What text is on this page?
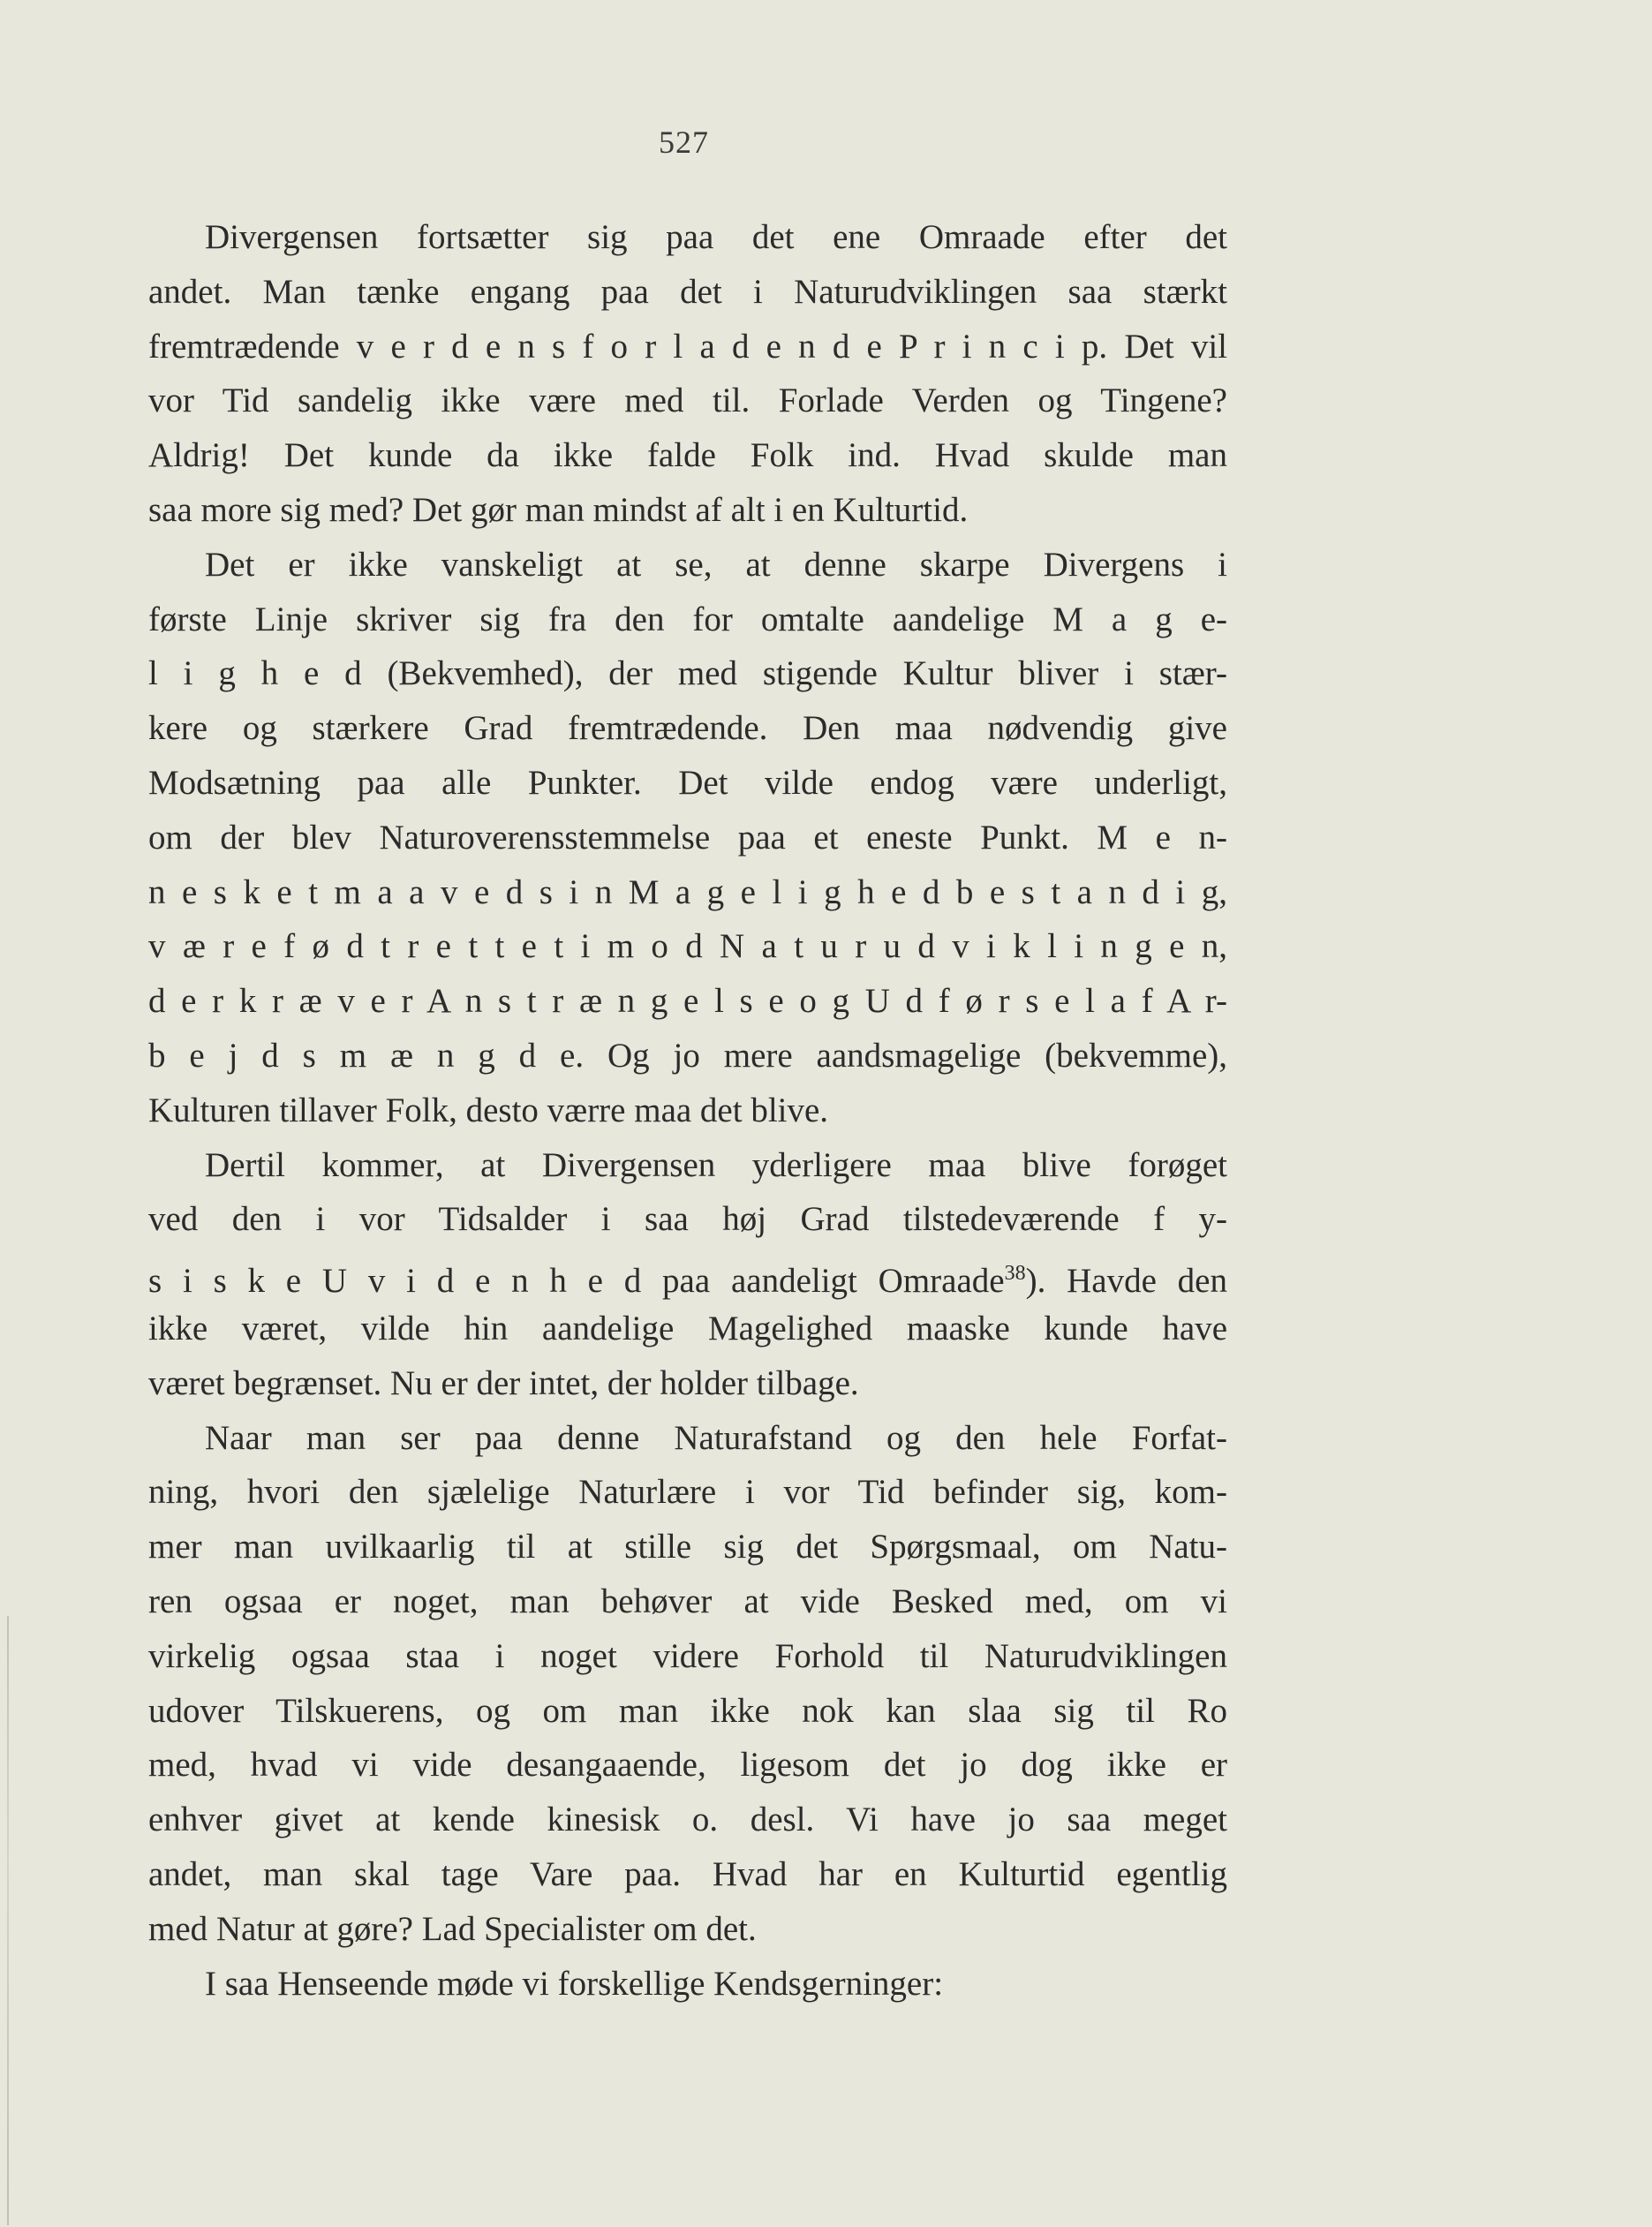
527
Divergensen fortsætter sig paa det ene Omraade efter det
andet. Man tænke engang paa det i Naturudviklingen saa stærkt
fremtrædende v e r d e n s f o r l a d e n d e P r i n c i p. Det vil
vor Tid sandelig ikke være med til. Forlade Verden og Tingene?
Aldrig! Det kunde da ikke falde Folk ind. Hvad skulde man
saa more sig med? Det gør man mindst af alt i en Kulturtid.
Det er ikke vanskeligt at se, at denne skarpe Divergens i
første Linje skriver sig fra den for omtalte aandelige M a g e-
l i g h e d (Bekvemhed), der med stigende Kultur bliver i stær-
kere og stærkere Grad fremtrædende. Den maa nødvendig give
Modsætning paa alle Punkter. Det vilde endog være underligt,
om der blev Naturoverensstemmelse paa et eneste Punkt. M e n-
n e s k e t m a a v e d s i n M a g e l i g h e d b e s t a n d i g,
v æ r e f ø d t r e t t e t i m o d N a t u r u d v i k l i n g e n,
d e r k r æ v e r A n s t r æ n g e l s e o g U d f ø r s e l a f A r-
b e j d s m æ n g d e. Og jo mere aandsmagelige (bekvemme),
Kulturen tillaver Folk, desto værre maa det blive.
Dertil kommer, at Divergensen yderligere maa blive forøget
ved den i vor Tidsalder i saa høj Grad tilstedeværende f y-
s i s k e U v i d e n h e d paa aandeligt Omraade$^{38}$). Havde den
ikke været, vilde hin aandelige Magelighed maaske kunde have
været begrænset. Nu er der intet, der holder tilbage.
Naar man ser paa denne Naturafstand og den hele Forfat-
ning, hvori den sjælelige Naturlære i vor Tid befinder sig, kom-
mer man uvilkaarlig til at stille sig det Spørgsmaal, om Natu-
ren ogsaa er noget, man behøver at vide Besked med, om vi
virkelig ogsaa staa i noget videre Forhold til Naturudviklingen
udover Tilskuerens, og om man ikke nok kan slaa sig til Ro
med, hvad vi vide desangaaende, ligesom det jo dog ikke er
enhver givet at kende kinesisk o. desl. Vi have jo saa meget
andet, man skal tage Vare paa. Hvad har en Kulturtid egentlig
med Natur at gøre? Lad Specialister om det.
I saa Henseende møde vi forskellige Kendsgerninger:
